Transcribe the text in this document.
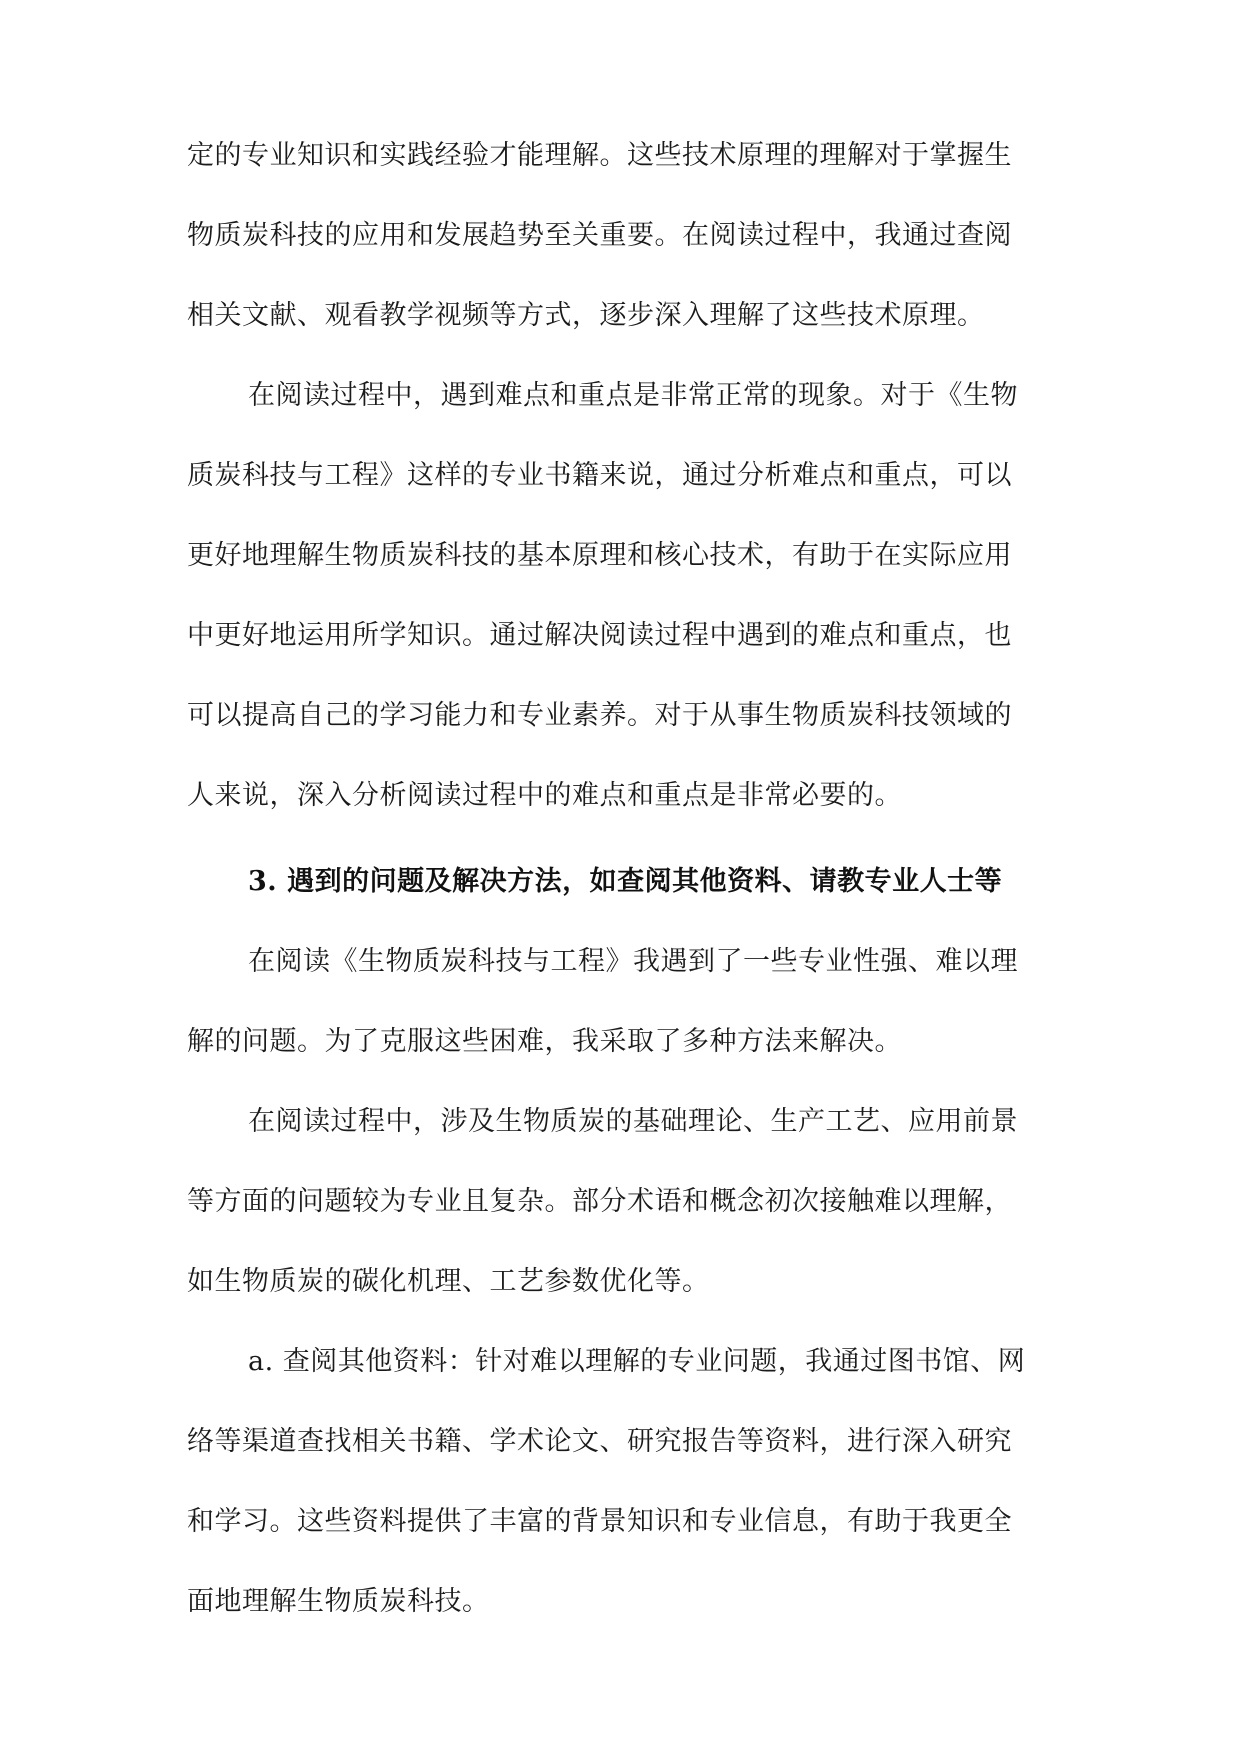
定的专业知识和实践经验才能理解。这些技术原理的理解对于掌握生
物质炭科技的应用和发展趋势至关重要。在阅读过程中，我通过查阅
相关文献、观看教学视频等方式，逐步深入理解了这些技术原理。
在阅读过程中，遇到难点和重点是非常正常的现象。对于《生物
质炭科技与工程》这样的专业书籍来说，通过分析难点和重点，可以
更好地理解生物质炭科技的基本原理和核心技术，有助于在实际应用
中更好地运用所学知识。通过解决阅读过程中遇到的难点和重点，也
可以提高自己的学习能力和专业素养。对于从事生物质炭科技领域的
人来说，深入分析阅读过程中的难点和重点是非常必要的。
3. 遇到的问题及解决方法，如查阅其他资料、请教专业人士等
在阅读《生物质炭科技与工程》我遇到了一些专业性强、难以理
解的问题。为了克服这些困难，我采取了多种方法来解决。
在阅读过程中，涉及生物质炭的基础理论、生产工艺、应用前景
等方面的问题较为专业且复杂。部分术语和概念初次接触难以理解，
如生物质炭的碳化机理、工艺参数优化等。
a. 查阅其他资料：针对难以理解的专业问题，我通过图书馆、网
络等渠道查找相关书籍、学术论文、研究报告等资料，进行深入研究
和学习。这些资料提供了丰富的背景知识和专业信息，有助于我更全
面地理解生物质炭科技。
